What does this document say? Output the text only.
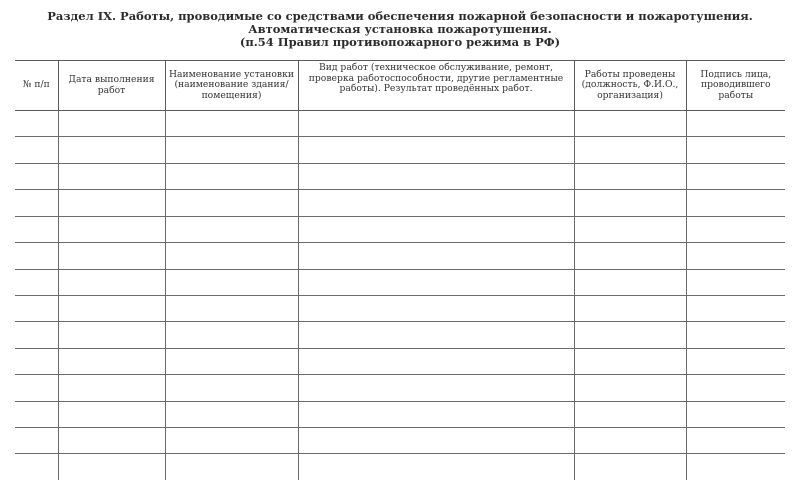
Раздел IX. Работы, проводимые со средствами обеспечения пожарной безопасности и пожаротушения.
Автоматическая установка пожаротушения.
(п.54 Правил противопожарного режима в РФ)
№ п/п	Дата выполнения работ	Наименование установки (наименование здания/ помещения)	Вид работ (техническое обслуживание, ремонт, проверка работоспособности, другие регламентные работы). Результат проведённых работ.	Работы проведены (должность, Ф.И.О., организация)	Подпись лица, проводившего работы
